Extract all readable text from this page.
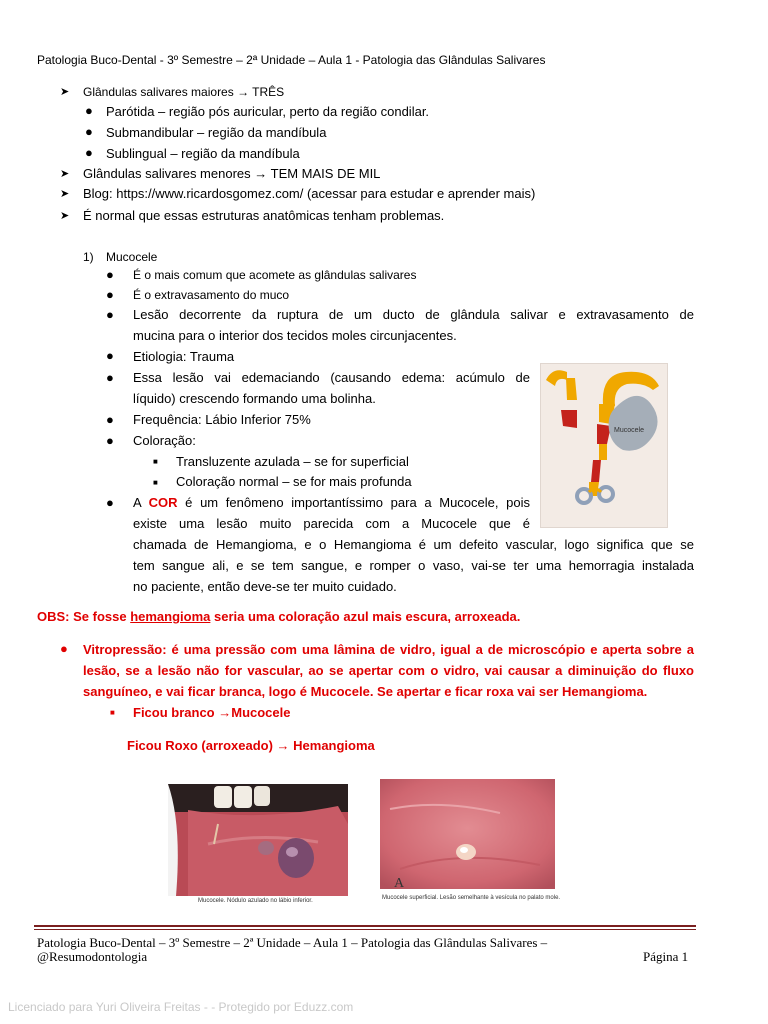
Patologia Buco-Dental - 3º Semestre – 2ª Unidade – Aula 1 - Patologia das Glândulas Salivares
➤ Glândulas salivares maiores → TRÊS
● Parótida – região pós auricular, perto da região condilar.
● Submandibular – região da mandíbula
● Sublingual – região da mandíbula
➤ Glândulas salivares menores → TEM MAIS DE MIL
➤ Blog: https://www.ricardosgomez.com/ (acessar para estudar e aprender mais)
➤ É normal que essas estruturas anatômicas tenham problemas.
1) Mucocele
● É o mais comum que acomete as glândulas salivares
● É o extravasamento do muco
● Lesão decorrente da ruptura de um ducto de glândula salivar e extravasamento de
mucina para o interior dos tecidos moles circunjacentes.
● Etiologia: Trauma
● Essa lesão vai edemaciando (causando edema: acúmulo de
líquido) crescendo formando uma bolinha.
● Frequência: Lábio Inferior 75%
● Coloração:
■ Transluzente azulada – se for superficial
■ Coloração normal – se for mais profunda
● A COR é um fenômeno importantíssimo para a Mucocele, pois
existe uma lesão muito parecida com a Mucocele que é
chamada de Hemangioma, e o Hemangioma é um defeito vascular, logo significa que se
tem sangue ali, e se tem sangue, e romper o vaso, vai-se ter uma hemorragia instalada
no paciente, então deve-se ter muito cuidado.
Mucocele
OBS: Se fosse hemangioma seria uma coloração azul mais escura, arroxeada.
● Vitropressão: é uma pressão com uma lâmina de vidro, igual a de microscópio e aperta sobre a
lesão, se a lesão não for vascular, ao se apertar com o vidro, vai causar a diminuição do fluxo
sanguíneo, e vai ficar branca, logo é Mucocele. Se apertar e ficar roxa vai ser Hemangioma.
■ Ficou branco →Mucocele
Ficou Roxo (arroxeado) → Hemangioma
Mucocele. Nódulo azulado no lábio inferior.
A
Mucocele superficial. Lesão semelhante à vesícula no palato mole.
Patologia Buco-Dental – 3º Semestre – 2ª Unidade – Aula 1 – Patologia das Glândulas Salivares –
@Resumodontologia	Página 1
Licenciado para Yuri Oliveira Freitas - - Protegido por Eduzz.com
